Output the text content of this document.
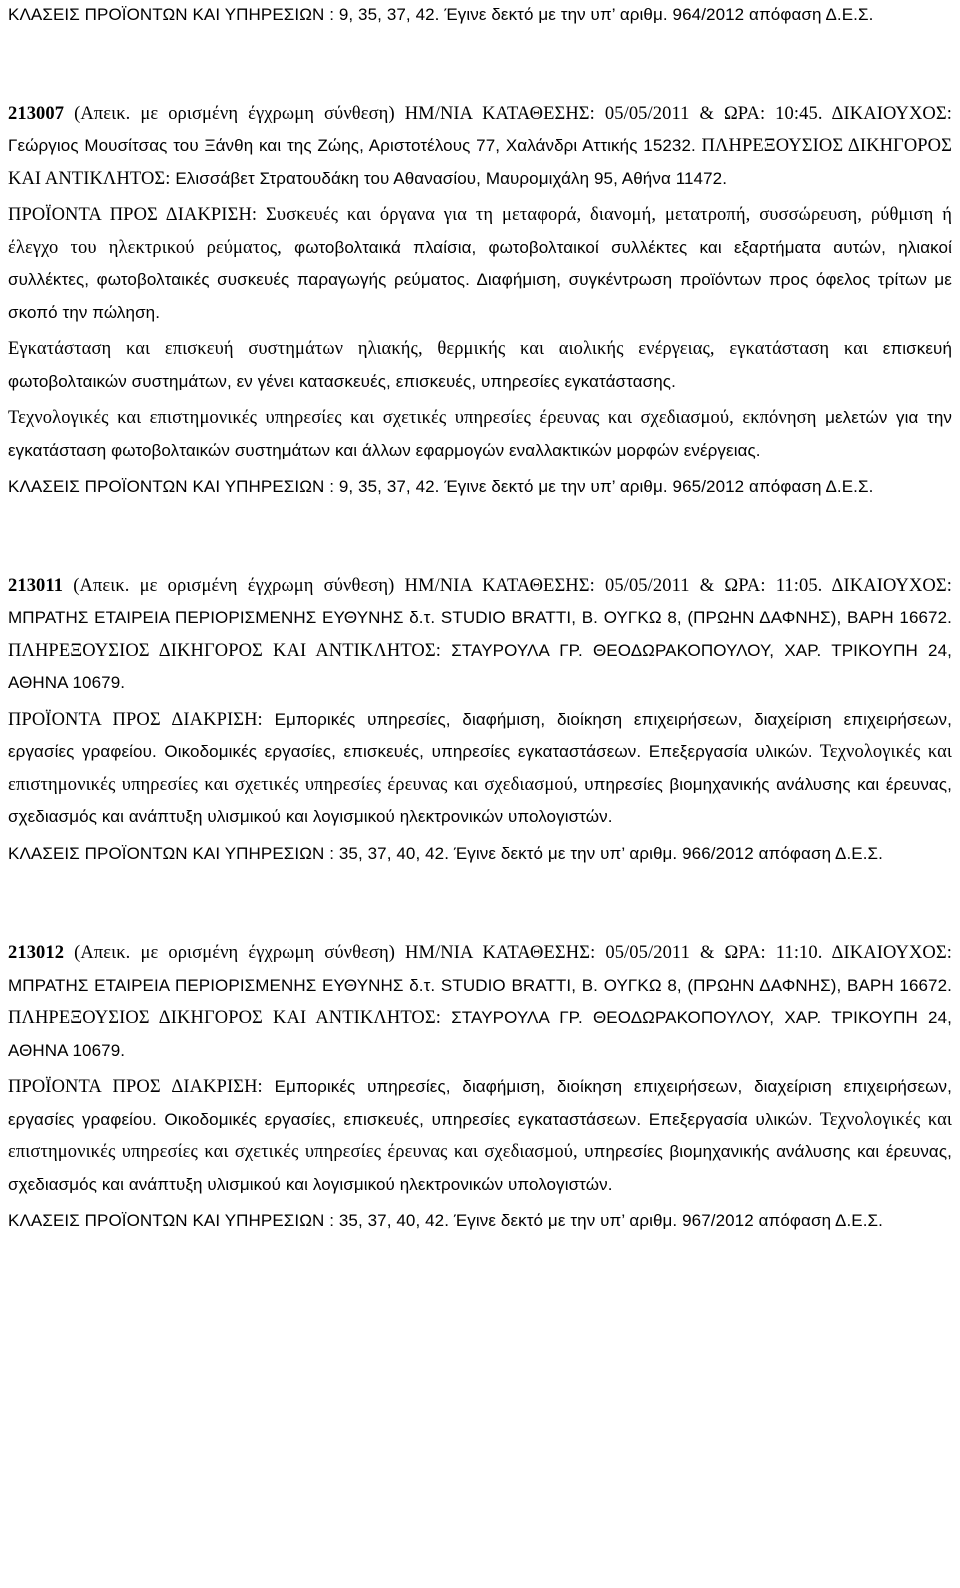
ΚΛΑΣΕΙΣ ΠΡΟΪΟΝΤΩΝ ΚΑΙ ΥΠΗΡΕΣΙΩΝ : 9, 35, 37, 42. Έγινε δεκτό με την υπ’ αριθμ. 964/2012 απόφαση Δ.Ε.Σ.

213007 (Απεικ. με ορισμένη έγχρωμη σύνθεση) ΗΜ/ΝΙΑ ΚΑΤΑΘΕΣΗΣ: 05/05/2011 & ΩΡΑ: 10:45. ΔΙΚΑΙΟΥΧΟΣ: Γεώργιος Μουσίτσας του Ξάνθη και της Ζώης, Αριστοτέλους 77, Χαλάνδρι Αττικής 15232. ΠΛΗΡΕΞΟΥΣΙΟΣ ΔΙΚΗΓΟΡΟΣ ΚΑΙ ΑΝΤΙΚΛΗΤΟΣ: Ελισσάβετ Στρατουδάκη του Αθανασίου, Μαυρομιχάλη 95, Αθήνα 11472.

ΠΡΟΪΟΝΤΑ ΠΡΟΣ ΔΙΑΚΡΙΣΗ: Συσκευές και όργανα για τη μεταφορά, διανομή, μετατροπή, συσσώρευση, ρύθμιση ή έλεγχο του ηλεκτρικού ρεύματος, φωτοβολταικά πλαίσια, φωτοβολταικοί συλλέκτες και εξαρτήματα αυτών, ηλιακοί συλλέκτες, φωτοβολταικές συσκευές παραγωγής ρεύματος. Διαφήμιση, συγκέντρωση προϊόντων προς όφελος τρίτων με σκοπό την πώληση.

Εγκατάσταση και επισκευή συστημάτων ηλιακής, θερμικής και αιολικής ενέργειας, εγκατάσταση και επισκευή φωτοβολταικών συστημάτων, εν γένει κατασκευές, επισκευές, υπηρεσίες εγκατάστασης.

Τεχνολογικές και επιστημονικές υπηρεσίες και σχετικές υπηρεσίες έρευνας και σχεδιασμού, εκπόνηση μελετών για την εγκατάσταση φωτοβολταικών συστημάτων και άλλων εφαρμογών εναλλακτικών μορφών ενέργειας.

ΚΛΑΣΕΙΣ ΠΡΟΪΟΝΤΩΝ ΚΑΙ ΥΠΗΡΕΣΙΩΝ : 9, 35, 37, 42. Έγινε δεκτό με την υπ’ αριθμ. 965/2012 απόφαση Δ.Ε.Σ.

213011 (Απεικ. με ορισμένη έγχρωμη σύνθεση) ΗΜ/ΝΙΑ ΚΑΤΑΘΕΣΗΣ: 05/05/2011 & ΩΡΑ: 11:05. ΔΙΚΑΙΟΥΧΟΣ: ΜΠΡΑΤΗΣ ΕΤΑΙΡΕΙΑ ΠΕΡΙΟΡΙΣΜΕΝΗΣ ΕΥΘΥΝΗΣ δ.τ. STUDIO BRATTI, Β. ΟΥΓΚΩ 8, (ΠΡΩΗΝ ΔΑΦΝΗΣ), ΒΑΡΗ 16672. ΠΛΗΡΕΞΟΥΣΙΟΣ ΔΙΚΗΓΟΡΟΣ ΚΑΙ ΑΝΤΙΚΛΗΤΟΣ: ΣΤΑΥΡΟΥΛΑ ΓΡ. ΘΕΟΔΩΡΑΚΟΠΟΥΛΟΥ, ΧΑΡ. ΤΡΙΚΟΥΠΗ 24, ΑΘΗΝΑ 10679.

ΠΡΟΪΟΝΤΑ ΠΡΟΣ ΔΙΑΚΡΙΣΗ: Εμπορικές υπηρεσίες, διαφήμιση, διοίκηση επιχειρήσεων, διαχείριση επιχειρήσεων, εργασίες γραφείου. Οικοδομικές εργασίες, επισκευές, υπηρεσίες εγκαταστάσεων. Επεξεργασία υλικών. Τεχνολογικές και επιστημονικές υπηρεσίες και σχετικές υπηρεσίες έρευνας και σχεδιασμού, υπηρεσίες βιομηχανικής ανάλυσης και έρευνας, σχεδιασμός και ανάπτυξη υλισμικού και λογισμικού ηλεκτρονικών υπολογιστών.

ΚΛΑΣΕΙΣ ΠΡΟΪΟΝΤΩΝ ΚΑΙ ΥΠΗΡΕΣΙΩΝ : 35, 37, 40, 42. Έγινε δεκτό με την υπ’ αριθμ. 966/2012 απόφαση Δ.Ε.Σ.

213012 (Απεικ. με ορισμένη έγχρωμη σύνθεση) ΗΜ/ΝΙΑ ΚΑΤΑΘΕΣΗΣ: 05/05/2011 & ΩΡΑ: 11:10. ΔΙΚΑΙΟΥΧΟΣ: ΜΠΡΑΤΗΣ ΕΤΑΙΡΕΙΑ ΠΕΡΙΟΡΙΣΜΕΝΗΣ ΕΥΘΥΝΗΣ δ.τ. STUDIO BRATTI, Β. ΟΥΓΚΩ 8, (ΠΡΩΗΝ ΔΑΦΝΗΣ), ΒΑΡΗ 16672. ΠΛΗΡΕΞΟΥΣΙΟΣ ΔΙΚΗΓΟΡΟΣ ΚΑΙ ΑΝΤΙΚΛΗΤΟΣ: ΣΤΑΥΡΟΥΛΑ ΓΡ. ΘΕΟΔΩΡΑΚΟΠΟΥΛΟΥ, ΧΑΡ. ΤΡΙΚΟΥΠΗ 24, ΑΘΗΝΑ 10679.

ΠΡΟΪΟΝΤΑ ΠΡΟΣ ΔΙΑΚΡΙΣΗ: Εμπορικές υπηρεσίες, διαφήμιση, διοίκηση επιχειρήσεων, διαχείριση επιχειρήσεων, εργασίες γραφείου. Οικοδομικές εργασίες, επισκευές, υπηρεσίες εγκαταστάσεων. Επεξεργασία υλικών. Τεχνολογικές και επιστημονικές υπηρεσίες και σχετικές υπηρεσίες έρευνας και σχεδιασμού, υπηρεσίες βιομηχανικής ανάλυσης και έρευνας, σχεδιασμός και ανάπτυξη υλισμικού και λογισμικού ηλεκτρονικών υπολογιστών.

ΚΛΑΣΕΙΣ ΠΡΟΪΟΝΤΩΝ ΚΑΙ ΥΠΗΡΕΣΙΩΝ : 35, 37, 40, 42. Έγινε δεκτό με την υπ’ αριθμ. 967/2012 απόφαση Δ.Ε.Σ.
